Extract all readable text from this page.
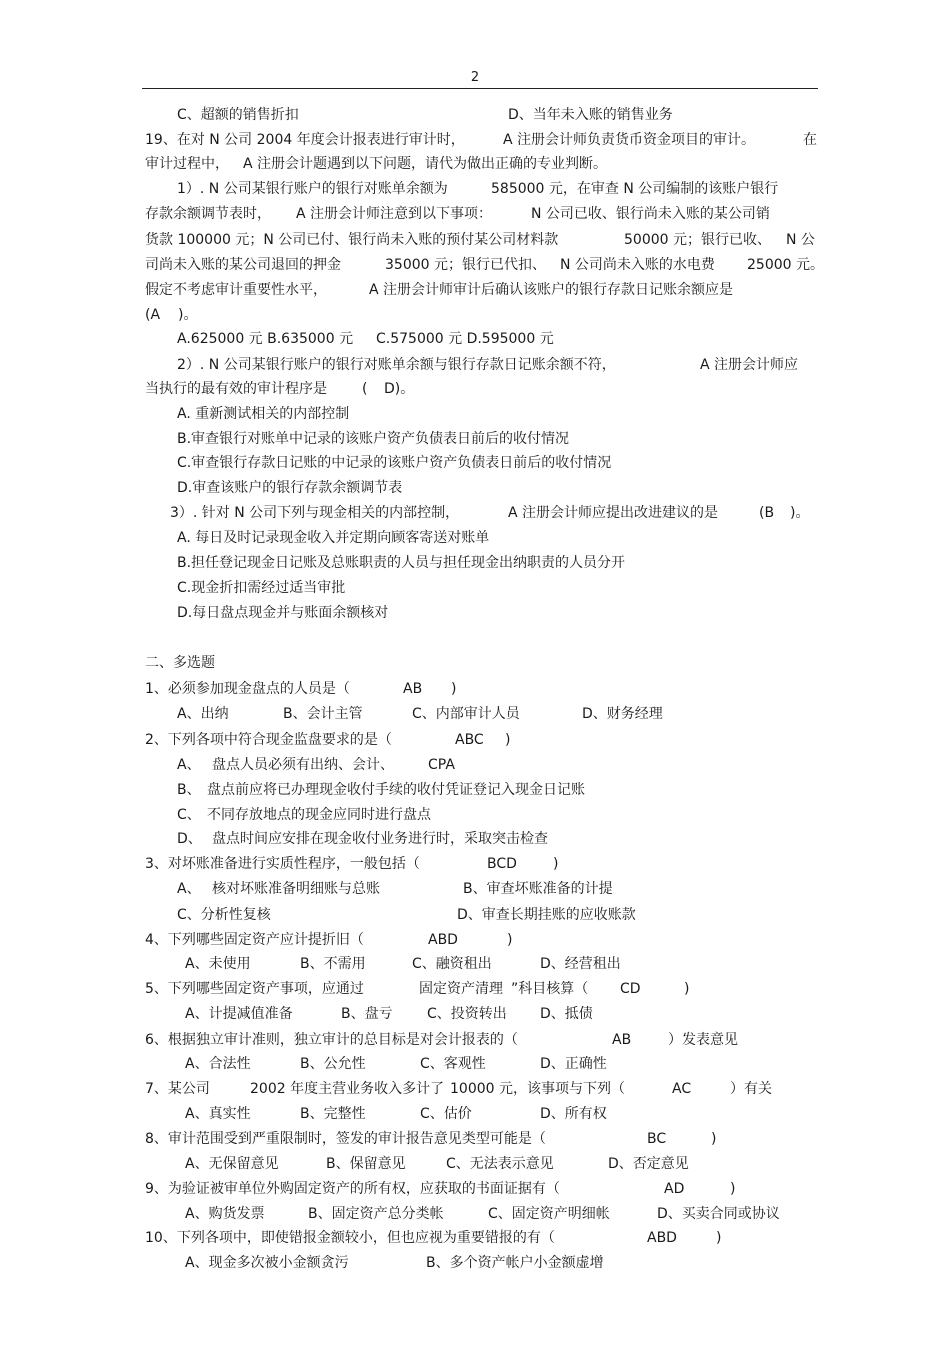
2
C、超额的销售折扣	D、当年未入账的销售业务
19、在对 N 公司 2004 年度会计报表进行审计时，	A 注册会计师负责货币资金项目的审计。	在
审计过程中， A 注册会计题遇到以下问题，请代为做出正确的专业判断。
1）. N 公司某银行账户的银行对账单余额为	585000 元，在审查 N 公司编制的该账户银行
存款余额调节表时， A 注册会计师注意到以下事项：	N 公司已收、银行尚未入账的某公司销
货款 100000 元；N 公司已付、银行尚未入账的预付某公司材料款	50000 元；银行已收、 N 公
司尚未入账的某公司退回的押金	35000 元；银行已代扣、 N 公司尚未入账的水电费 25000 元。
假定不考虑审计重要性水平，	A 注册会计师审计后确认该账户的银行存款日记账余额应是
(A )。
A.625000 元 B.635000 元 C.575000 元 D.595000 元
2）. N 公司某银行账户的银行对账单余额与银行存款日记账余额不符，	A 注册会计师应
当执行的最有效的审计程序是	( D)。
A. 重新测试相关的内部控制
B.审查银行对账单中记录的该账户资产负债表日前后的收付情况
C.审查银行存款日记账的中记录的该账户资产负债表日前后的收付情况
D.审查该账户的银行存款余额调节表
3）. 针对 N 公司下列与现金相关的内部控制，	A 注册会计师应提出改进建议的是	(B )。
A. 每日及时记录现金收入并定期向顾客寄送对账单
B.担任登记现金日记账及总账职责的人员与担任现金出纳职责的人员分开
C.现金折扣需经过适当审批
D.每日盘点现金并与账面余额核对
二、多选题
1、必须参加现金盘点的人员是（	AB )
A、出纳	B、会计主管	C、内部审计人员	D、财务经理
2、下列各项中符合现金监盘要求的是（	ABC )
A、 盘点人员必须有出纳、会计、 CPA
B、 盘点前应将已办理现金收付手续的收付凭证登记入现金日记账
C、 不同存放地点的现金应同时进行盘点
D、 盘点时间应安排在现金收付业务进行时，采取突击检查
3、对坏账准备进行实质性程序，一般包括（	BCD	)
A、 核对坏账准备明细账与总账	B、审查坏账准备的计提
C、分析性复核	D、审查长期挂账的应收账款
4、下列哪些固定资产应计提折旧（	ABD	)
A、未使用	B、不需用	C、融资租出	D、经营租出
5、下列哪些固定资产事项，应通过	固定资产清理 ”科目核算（ CD	)
A、计提减值准备	B、盘亏 C、投资转出 D、抵债
6、根据独立审计准则，独立审计的总目标是对会计报表的（	AB	）发表意见
A、合法性	B、公允性	C、客观性	D、正确性
7、某公司	2002 年度主营业务收入多计了 10000 元，该事项与下列（	AC	）有关
A、真实性	B、完整性	C、估价	D、所有权
8、审计范围受到严重限制时，签发的审计报告意见类型可能是（	BC	)
A、无保留意见	B、保留意见	C、无法表示意见	D、否定意见
9、为验证被审单位外购固定资产的所有权，应获取的书面证据有（	AD	)
A、购货发票	B、固定资产总分类帐	C、固定资产明细帐	D、买卖合同或协议
10、下列各项中，即使错报金额较小，但也应视为重要错报的有（	ABD	)
A、现金多次被小金额贪污	B、多个资产帐户小金额虚增
